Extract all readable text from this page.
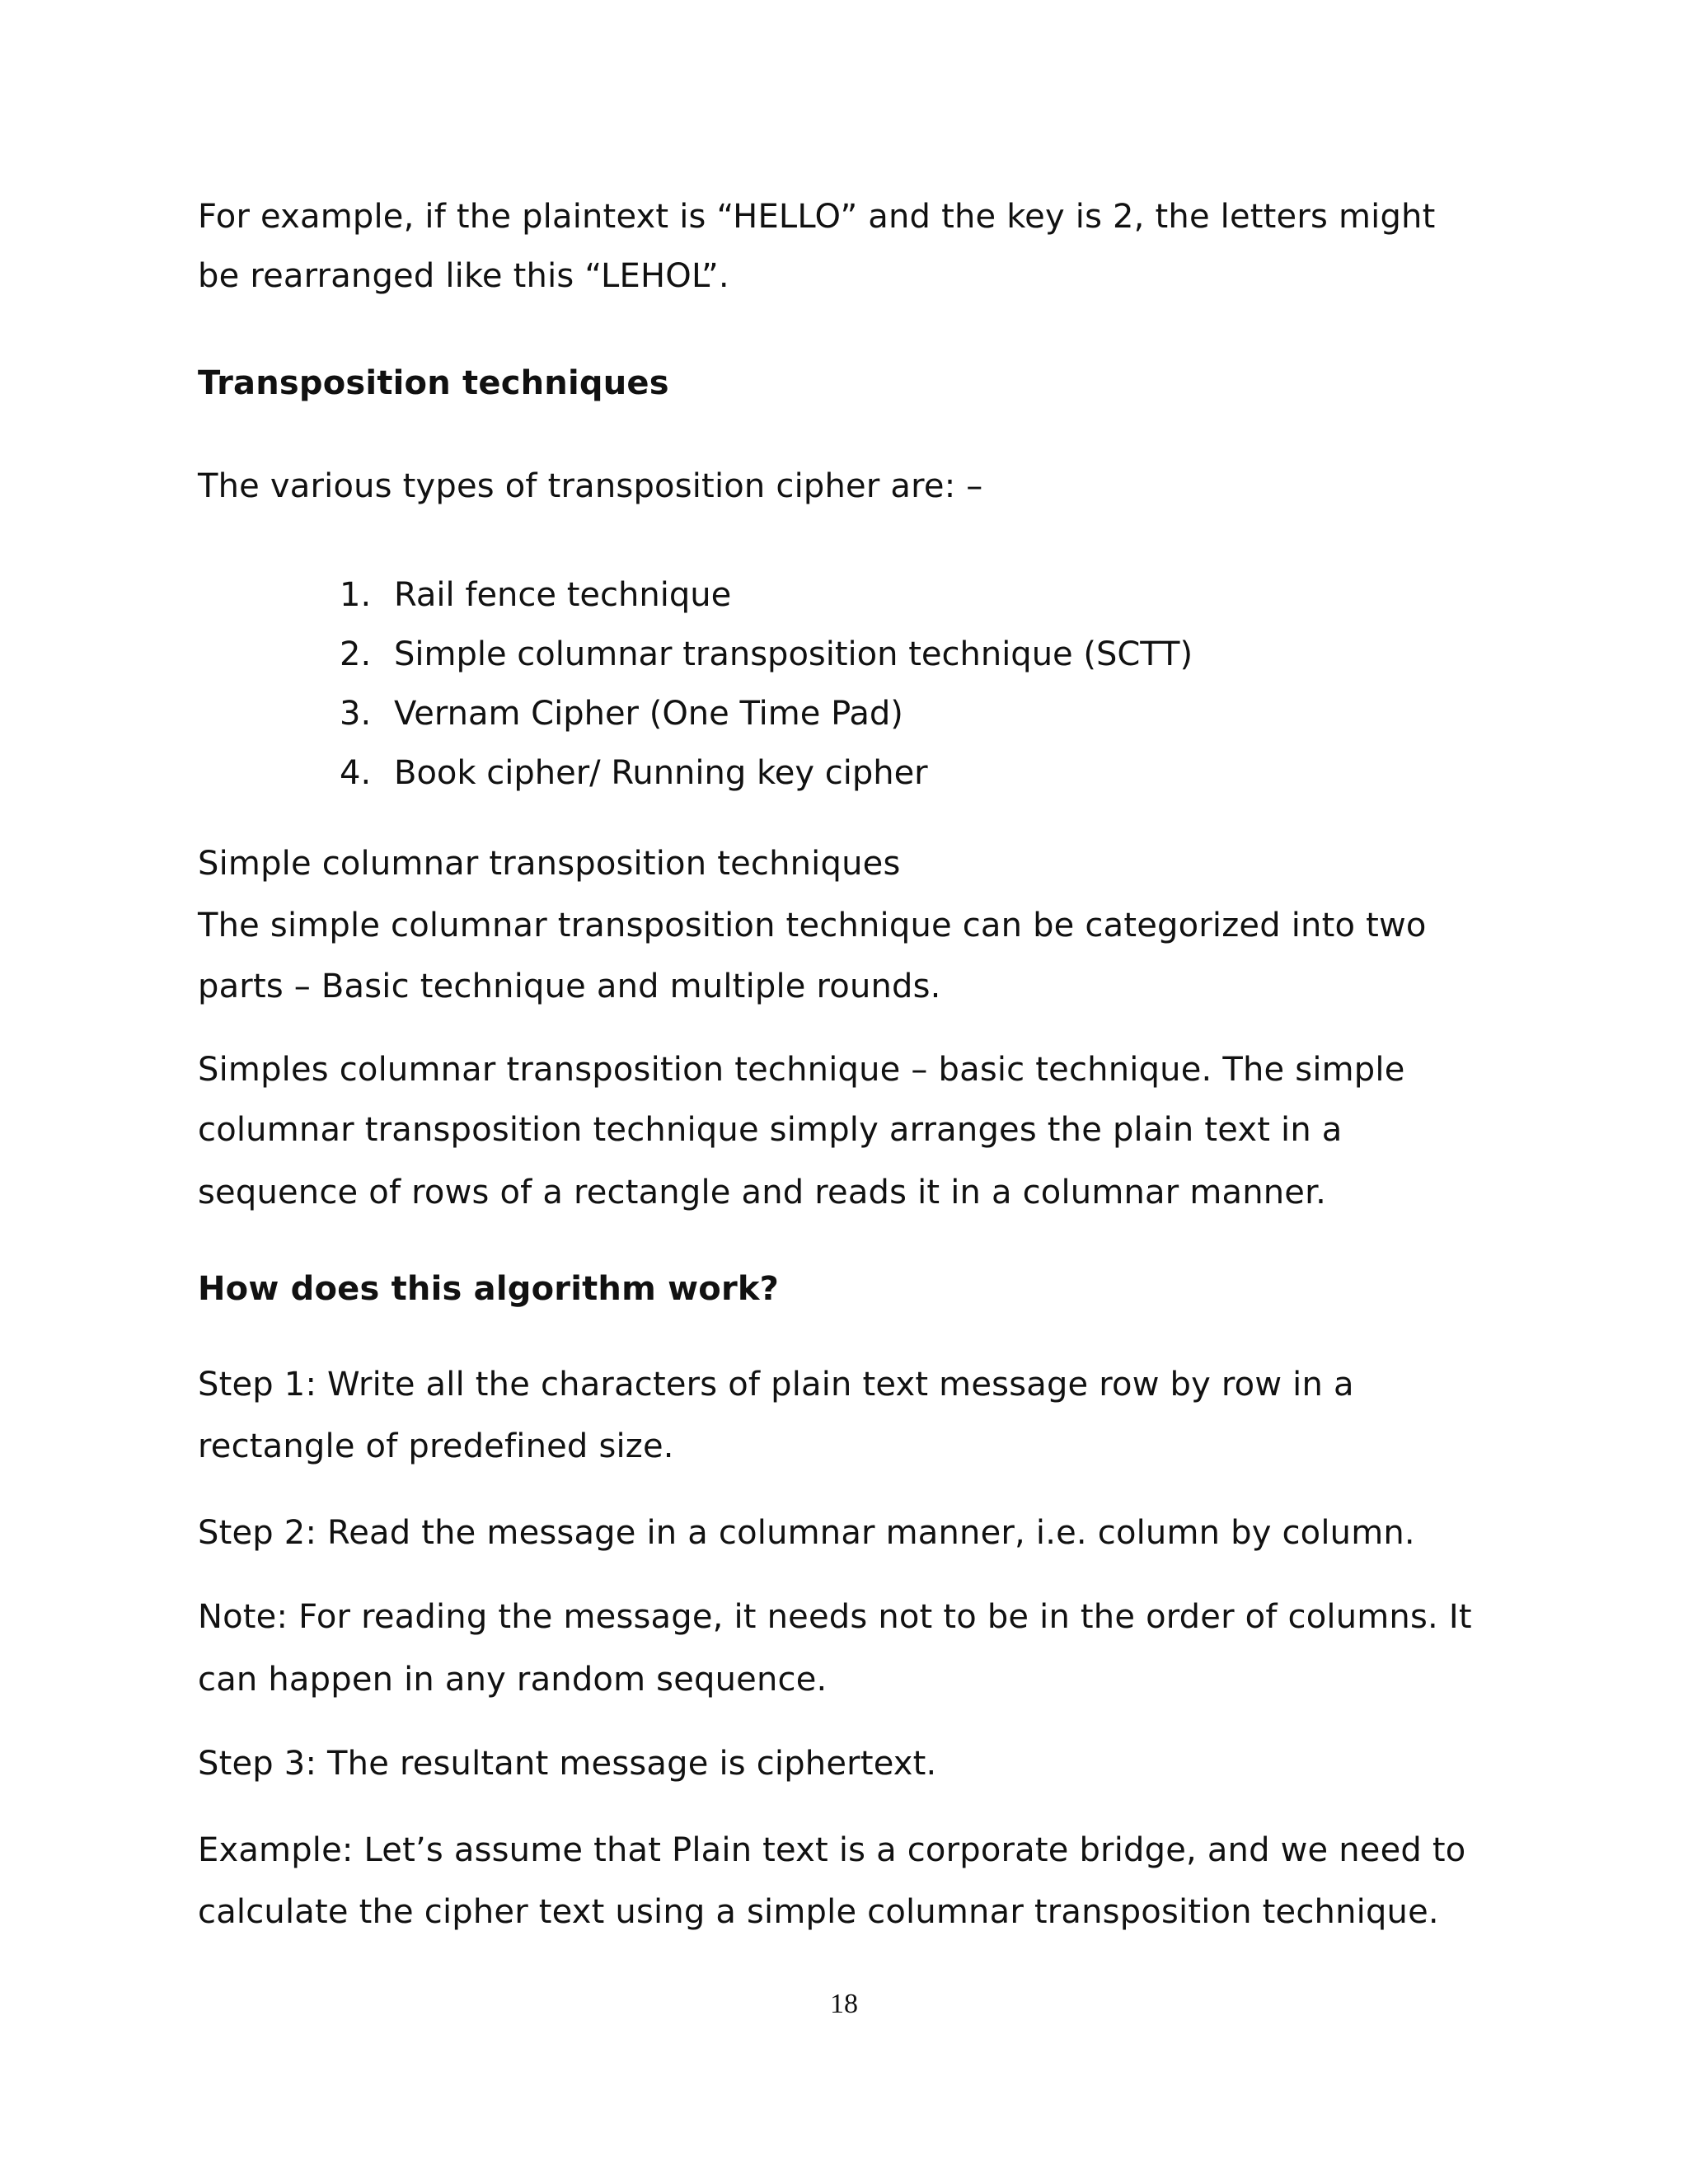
For example, if the plaintext is “HELLO” and the key is 2, the letters might
be rearranged like this “LEHOL”.
Transposition techniques
The various types of transposition cipher are: –
1. Rail fence technique
2. Simple columnar transposition technique (SCTT)
3. Vernam Cipher (One Time Pad)
4. Book cipher/ Running key cipher
Simple columnar transposition techniques
The simple columnar transposition technique can be categorized into two
parts – Basic technique and multiple rounds.
Simples columnar transposition technique – basic technique. The simple
columnar transposition technique simply arranges the plain text in a
sequence of rows of a rectangle and reads it in a columnar manner.
How does this algorithm work?
Step 1: Write all the characters of plain text message row by row in a
rectangle of predefined size.
Step 2: Read the message in a columnar manner, i.e. column by column.
Note: For reading the message, it needs not to be in the order of columns. It
can happen in any random sequence.
Step 3: The resultant message is ciphertext.
Example: Let’s assume that Plain text is a corporate bridge, and we need to
calculate the cipher text using a simple columnar transposition technique.
18
